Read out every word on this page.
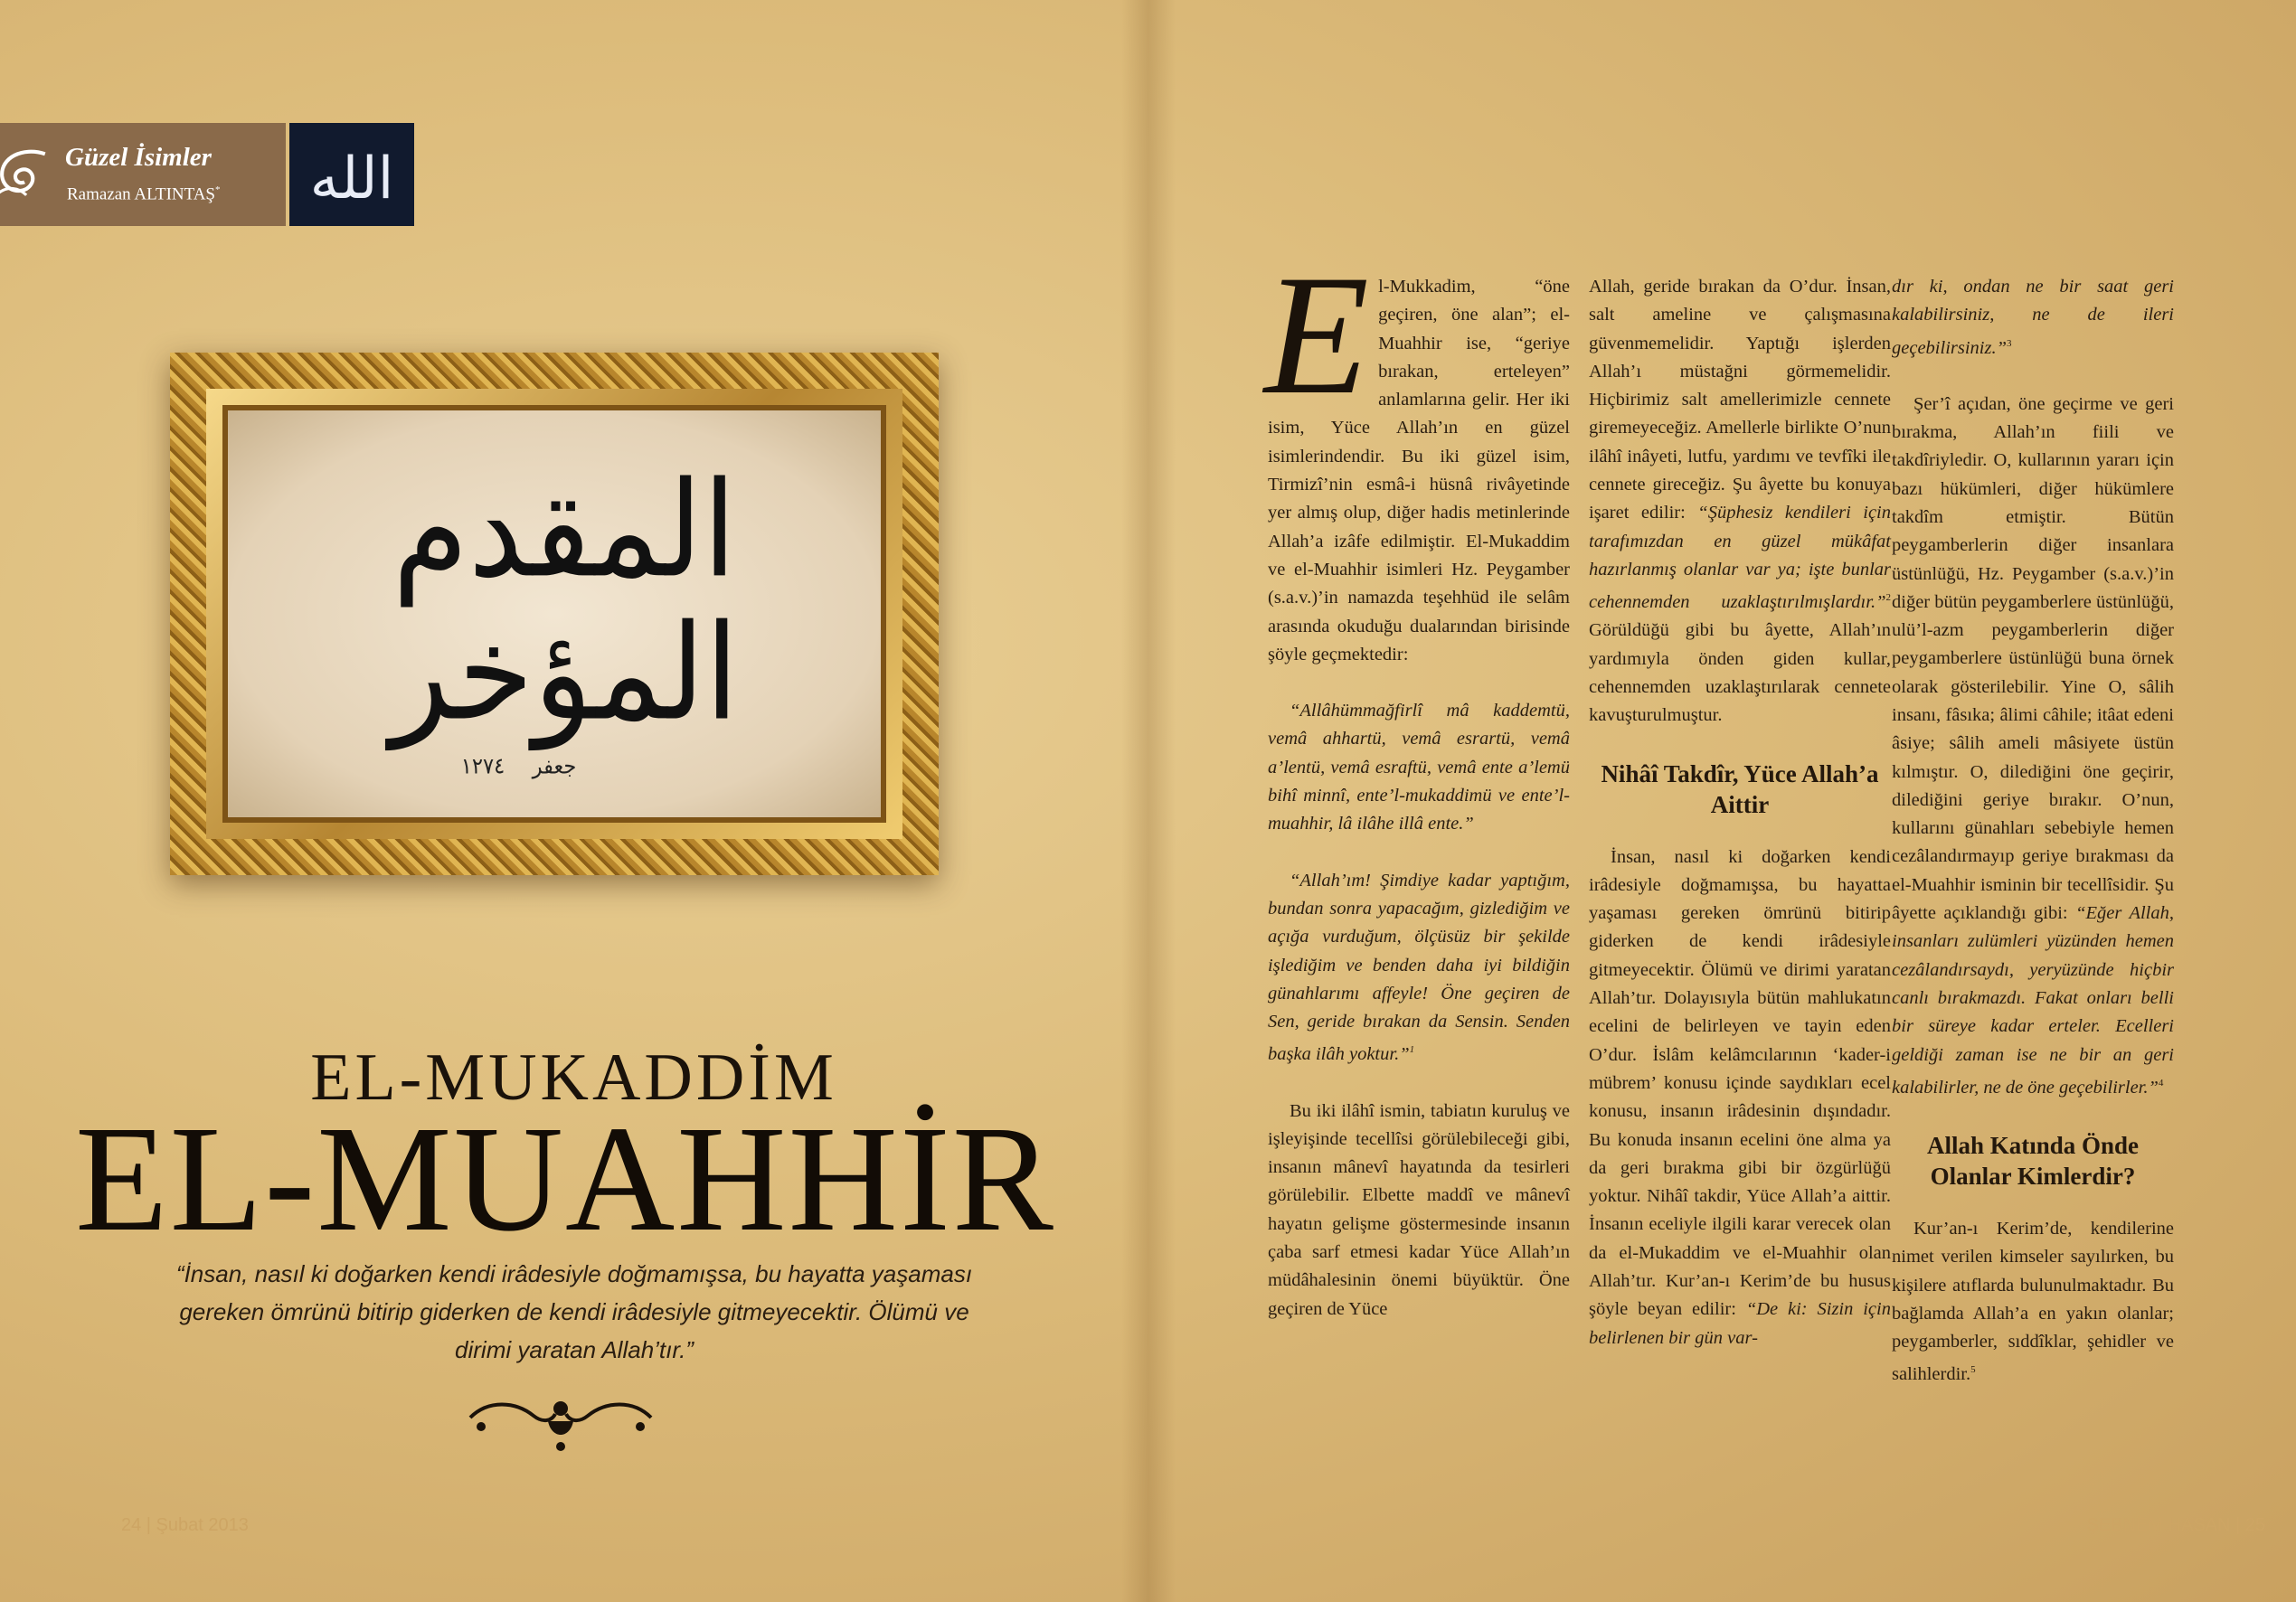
Güzel İsimler
Ramazan ALTINTAŞ* الله
المقدم
المؤخر
١٢٧٤ جعفر
EL-MUKADDİM
EL-MUAHHİR
“İnsan, nasıl ki doğarken kendi irâdesiyle doğmamışsa, bu hayatta yaşaması gereken ömrünü bitirip giderken de kendi irâdesiyle gitmeyecektir. Ölümü ve dirimi yaratan Allah’tır.”
24 | Şubat 2013	ŞEBNEM HASAN | 25

El-Mukkadim, “öne geçiren, öne alan”; el-Muahhir ise, “geriye bırakan, erteleyen” anlamlarına gelir. Her iki isim, Yüce Allah’ın en güzel isimlerindendir. Bu iki güzel isim, Tirmizî’nin esmâ-i hüsnâ rivâyetinde yer almış olup, diğer hadis metinlerinde Allah’a izâfe edilmiştir. El-Mukaddim ve el-Muahhir isimleri Hz. Peygamber (s.a.v.)’in namazda teşehhüd ile selâm arasında okuduğu dualarından birisinde şöyle geçmektedir:

“Allâhümmağfirlî mâ kaddemtü, vemâ ahhartü, vemâ esrartü, vemâ a’lentü, vemâ esraftü, vemâ ente a’lemü bihî minnî, ente’l-mukaddimü ve ente’l-muahhir, lâ ilâhe illâ ente.”

“Allah’ım! Şimdiye kadar yaptığım, bundan sonra yapacağım, gizlediğim ve açığa vurduğum, ölçüsüz bir şekilde işlediğim ve benden daha iyi bildiğin günahlarımı affeyle! Öne geçiren de Sen, geride bırakan da Sensin. Senden başka ilâh yoktur.”$^1$

Bu iki ilâhî ismin, tabiatın kuruluş ve işleyişinde tecellîsi görülebileceği gibi, insanın mânevî hayatında da tesirleri görülebilir. Elbette maddî ve mânevî hayatın gelişme göstermesinde insanın çaba sarf etmesi kadar Yüce Allah’ın müdâhalesinin önemi büyüktür. Öne geçiren de Yüce

Allah, geride bırakan da O’dur. İnsan, salt ameline ve çalışmasına güvenmemelidir. Yaptığı işlerden Allah’ı müstağni görmemelidir. Hiçbirimiz salt amellerimizle cennete giremeyeceğiz. Amellerle birlikte O’nun ilâhî inâyeti, lutfu, yardımı ve tevfîki ile cennete gireceğiz. Şu âyette bu konuya işaret edilir: “Şüphesiz kendileri için tarafımızdan en güzel mükâfat hazırlanmış olanlar var ya; işte bunlar cehennemden uzaklaştırılmışlardır.”$^2$ Görüldüğü gibi bu âyette, Allah’ın yardımıyla önden giden kullar, cehennemden uzaklaştırılarak cennete kavuşturulmuştur.

Nihâî Takdîr, Yüce Allah’a Aittir

İnsan, nasıl ki doğarken kendi irâdesiyle doğmamışsa, bu hayatta yaşaması gereken ömrünü bitirip giderken de kendi irâdesiyle gitmeyecektir. Ölümü ve dirimi yaratan Allah’tır. Dolayısıyla bütün mahlukatın ecelini de belirleyen ve tayin eden O’dur. İslâm kelâmcılarının ‘kader-i mübrem’ konusu içinde saydıkları ecel konusu, insanın irâdesinin dışındadır. Bu konuda insanın ecelini öne alma ya da geri bırakma gibi bir özgürlüğü yoktur. Nihâî takdir, Yüce Allah’a aittir. İnsanın eceliyle ilgili karar verecek olan da el-Mukaddim ve el-Muahhir olan Allah’tır. Kur’an-ı Kerim’de bu husus şöyle beyan edilir: “De ki: Sizin için belirlenen bir gün var-

dır ki, ondan ne bir saat geri kalabilirsiniz, ne de ileri geçebilirsiniz.”$^3$

Şer’î açıdan, öne geçirme ve geri bırakma, Allah’ın fiili ve takdîriyledir. O, kullarının yararı için bazı hükümleri, diğer hükümlere takdîm etmiştir. Bütün peygamberlerin diğer insanlara üstünlüğü, Hz. Peygamber (s.a.v.)’in diğer bütün peygamberlere üstünlüğü, ulü’l-azm peygamberlerin diğer peygamberlere üstünlüğü buna örnek olarak gösterilebilir. Yine O, sâlih insanı, fâsıka; âlimi câhile; itâat edeni âsiye; sâlih ameli mâsiyete üstün kılmıştır. O, dilediğini öne geçirir, dilediğini geriye bırakır. O’nun, kullarını günahları sebebiyle hemen cezâlandırmayıp geriye bırakması da el-Muahhir isminin bir tecellîsidir. Şu âyette açıklandığı gibi: “Eğer Allah, insanları zulümleri yüzünden hemen cezâlandırsaydı, yeryüzünde hiçbir canlı bırakmazdı. Fakat onları belli bir süreye kadar erteler. Ecelleri geldiği zaman ise ne bir an geri kalabilirler, ne de öne geçebilirler.”$^4$

Allah Katında Önde Olanlar Kimlerdir?

Kur’an-ı Kerim’de, kendilerine nimet verilen kimseler sayılırken, bu kişilere atıflarda bulunulmaktadır. Bu bağlamda Allah’a en yakın olanlar; peygamberler, sıddîklar, şehidler ve salihlerdir.$^5$
